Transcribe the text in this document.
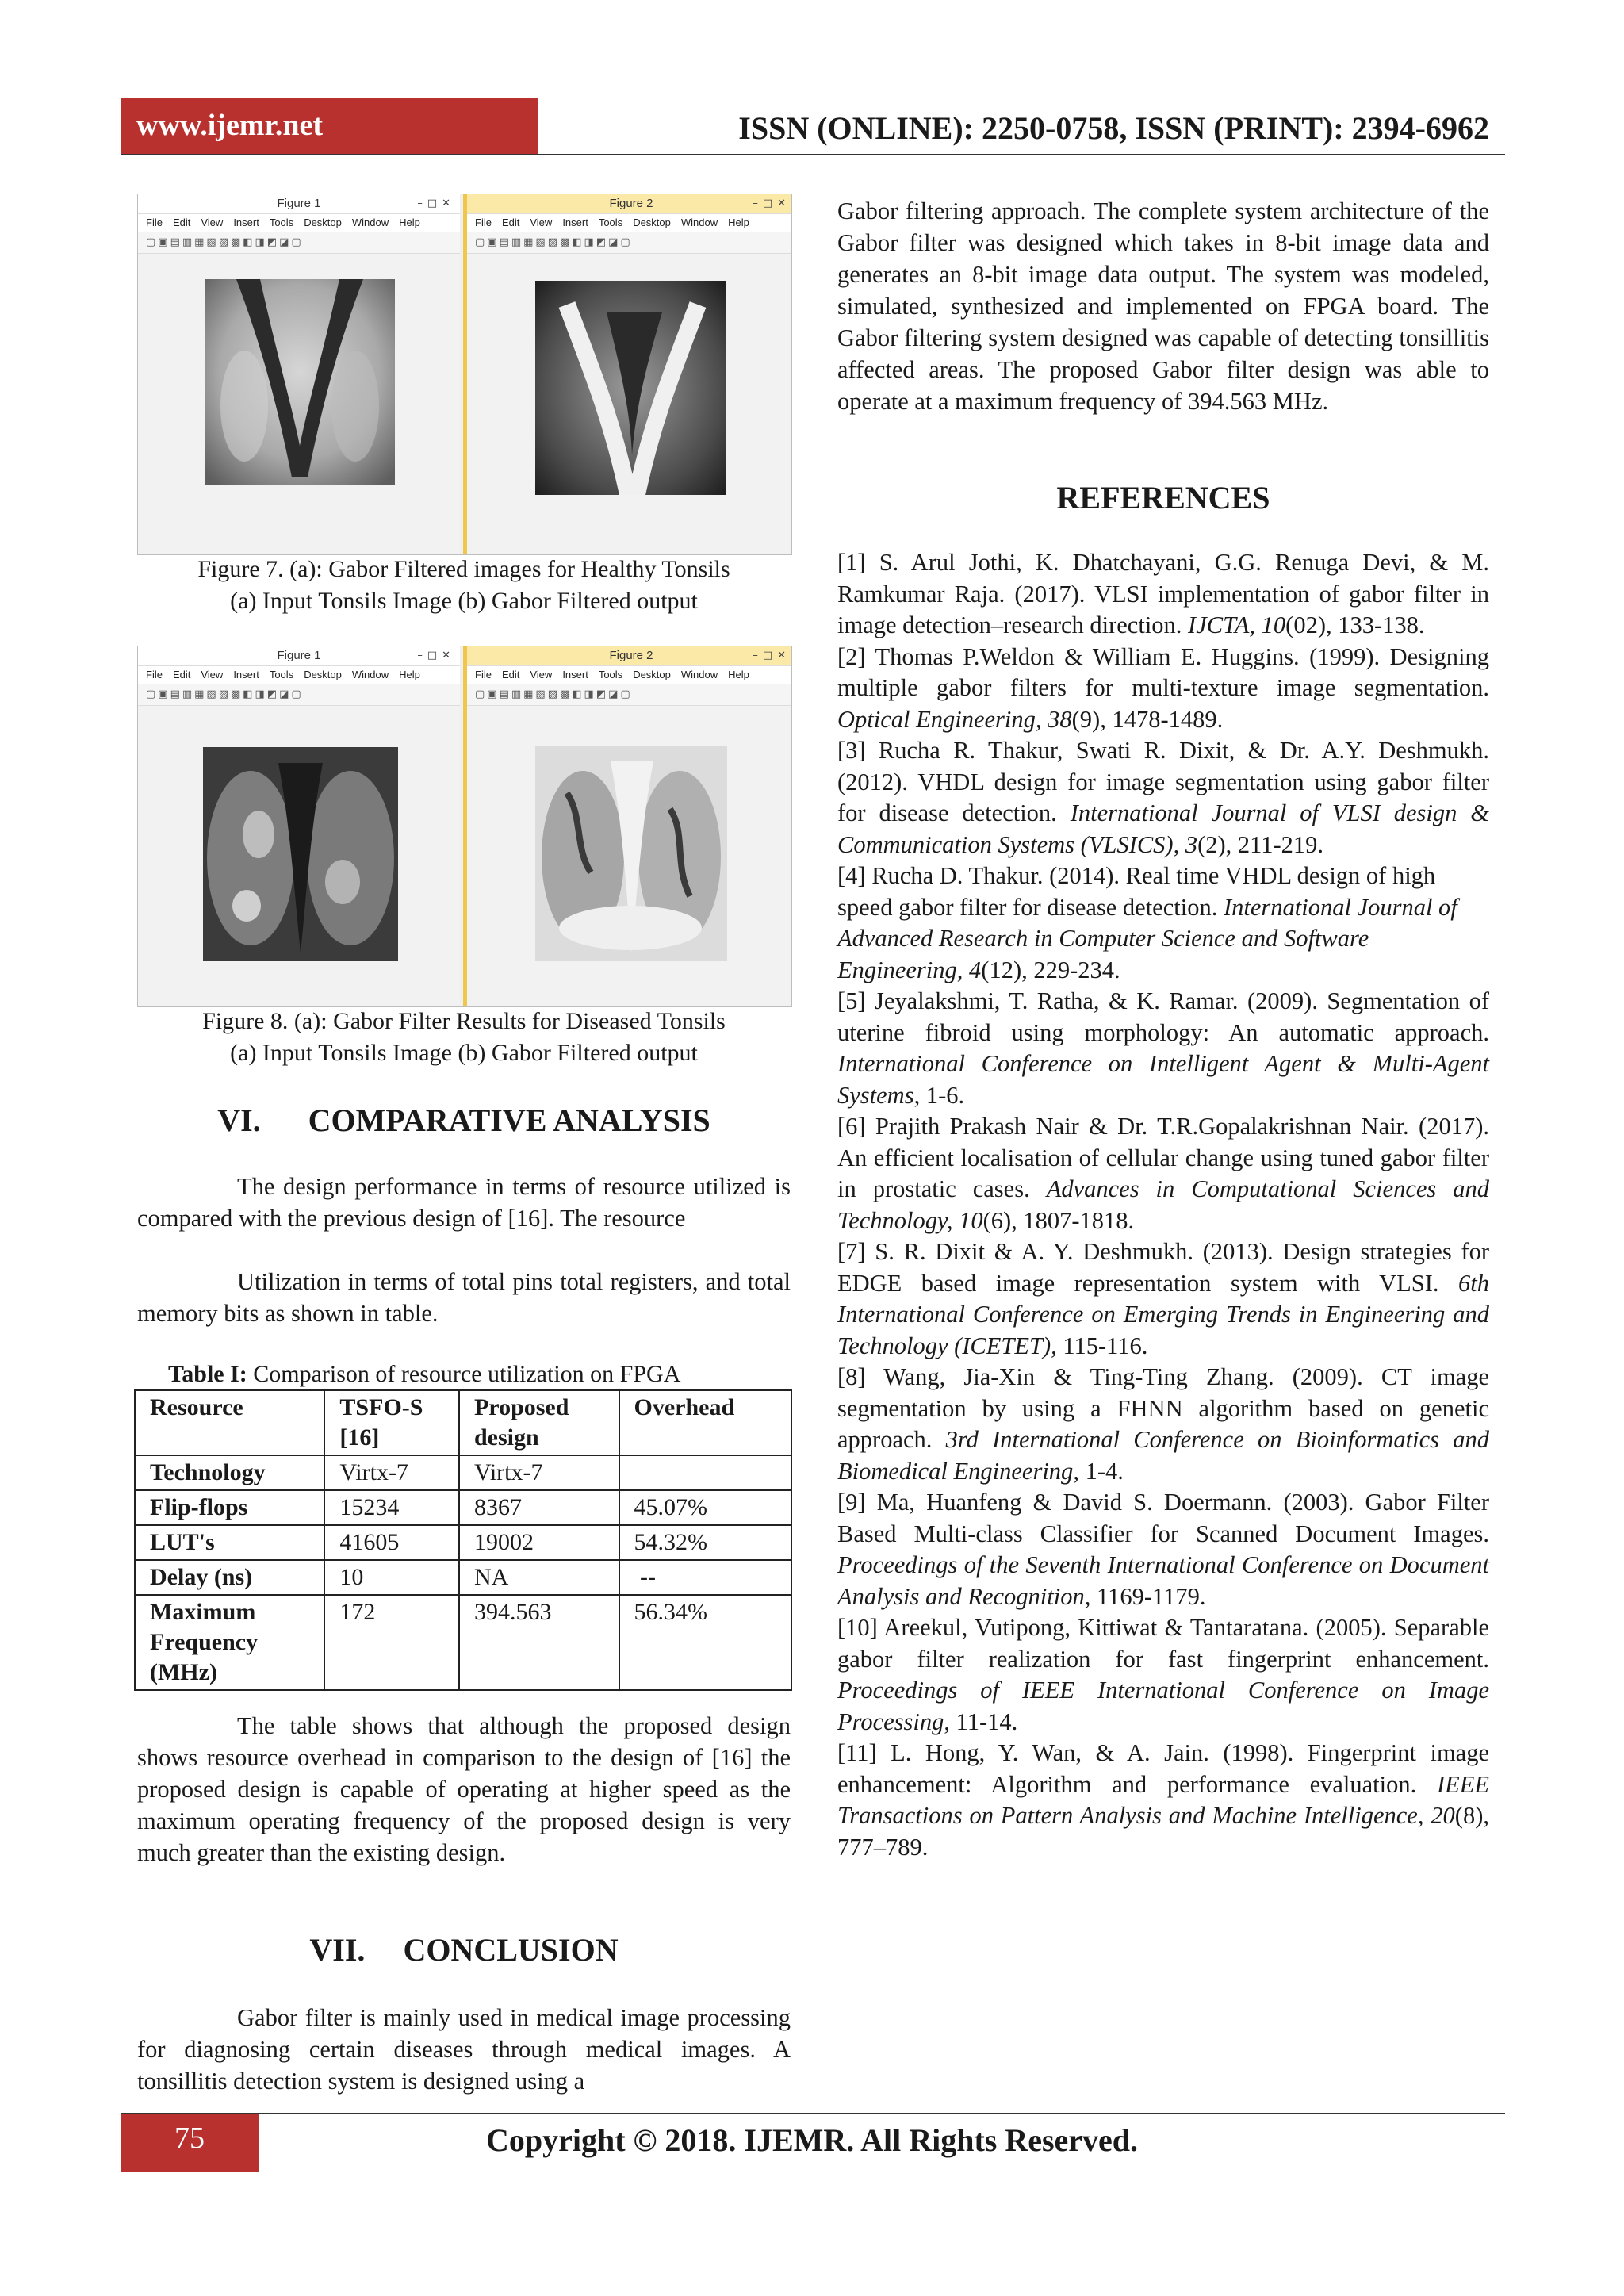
www.ijemr.net	ISSN (ONLINE): 2250-0758, ISSN (PRINT): 2394-6962
Figure 1	–□✕
File Edit View Insert Tools Desktop Window Help
▢▣▤▥▦▧▨▩◧◨◩◪▢
Figure 2	–□✕
File Edit View Insert Tools Desktop Window Help
▢▣▤▥▦▧▨▩◧◨◩◪▢
Figure 7. (a): Gabor Filtered images for Healthy Tonsils
(a) Input Tonsils Image (b) Gabor Filtered output
Figure 1	–□✕
File Edit View Insert Tools Desktop Window Help
▢▣▤▥▦▧▨▩◧◨◩◪▢
Figure 2	–□✕
File Edit View Insert Tools Desktop Window Help
▢▣▤▥▦▧▨▩◧◨◩◪▢
Figure 8. (a): Gabor Filter Results for Diseased Tonsils
(a) Input Tonsils Image (b) Gabor Filtered output
VI. COMPARATIVE ANALYSIS
The design performance in terms of resource utilized is compared with the previous design of [16]. The resource
Utilization in terms of total pins total registers, and total memory bits as shown in table.
Table I: Comparison of resource utilization on FPGA
Resource	TSFO-S [16]	Proposed design	Overhead
Technology	Virtx-7	Virtx-7	
Flip-flops	15234	8367	45.07%
LUT's	41605	19002	54.32%
Delay (ns)	10	NA	--
Maximum Frequency (MHz)	172	394.563	56.34%
The table shows that although the proposed design shows resource overhead in comparison to the design of [16] the proposed design is capable of operating at higher speed as the maximum operating frequency of the proposed design is very much greater than the existing design.
VII. CONCLUSION
Gabor filter is mainly used in medical image processing for diagnosing certain diseases through medical images. A tonsillitis detection system is designed using a
Gabor filtering approach. The complete system architecture of the Gabor filter was designed which takes in 8-bit image data and generates an 8-bit image data output. The system was modeled, simulated, synthesized and implemented on FPGA board. The Gabor filtering system designed was capable of detecting tonsillitis affected areas. The proposed Gabor filter design was able to operate at a maximum frequency of 394.563 MHz.
REFERENCES

[1] S. Arul Jothi, K. Dhatchayani, G.G. Renuga Devi, & M. Ramkumar Raja. (2017). VLSI implementation of gabor filter in image detection–research direction. IJCTA, 10(02), 133-138.

[2] Thomas P.Weldon & William E. Huggins. (1999). Designing multiple gabor filters for multi-texture image segmentation. Optical Engineering, 38(9), 1478-1489.

[3] Rucha R. Thakur, Swati R. Dixit, & Dr. A.Y. Deshmukh. (2012). VHDL design for image segmentation using gabor filter for disease detection. International Journal of VLSI design & Communication Systems (VLSICS), 3(2), 211-219.

[4] Rucha D. Thakur. (2014). Real time VHDL design of high speed gabor filter for disease detection. International Journal of Advanced Research in Computer Science and Software Engineering, 4(12), 229-234.

[5] Jeyalakshmi, T. Ratha, & K. Ramar. (2009). Segmentation of uterine fibroid using morphology: An automatic approach. International Conference on Intelligent Agent & Multi-Agent Systems, 1-6.

[6] Prajith Prakash Nair & Dr. T.R.Gopalakrishnan Nair. (2017). An efficient localisation of cellular change using tuned gabor filter in prostatic cases. Advances in Computational Sciences and Technology, 10(6), 1807-1818.

[7] S. R. Dixit & A. Y. Deshmukh. (2013). Design strategies for EDGE based image representation system with VLSI. 6th International Conference on Emerging Trends in Engineering and Technology (ICETET), 115-116.

[8] Wang, Jia-Xin & Ting-Ting Zhang. (2009). CT image segmentation by using a FHNN algorithm based on genetic approach. 3rd International Conference on Bioinformatics and Biomedical Engineering, 1-4.

[9] Ma, Huanfeng & David S. Doermann. (2003). Gabor Filter Based Multi-class Classifier for Scanned Document Images. Proceedings of the Seventh International Conference on Document Analysis and Recognition, 1169-1179.

[10] Areekul, Vutipong, Kittiwat & Tantaratana. (2005). Separable gabor filter realization for fast fingerprint enhancement. Proceedings of IEEE International Conference on Image Processing, 11-14.

[11] L. Hong, Y. Wan, & A. Jain. (1998). Fingerprint image enhancement: Algorithm and performance evaluation. IEEE Transactions on Pattern Analysis and Machine Intelligence, 20(8), 777–789.

75	Copyright © 2018. IJEMR. All Rights Reserved.
